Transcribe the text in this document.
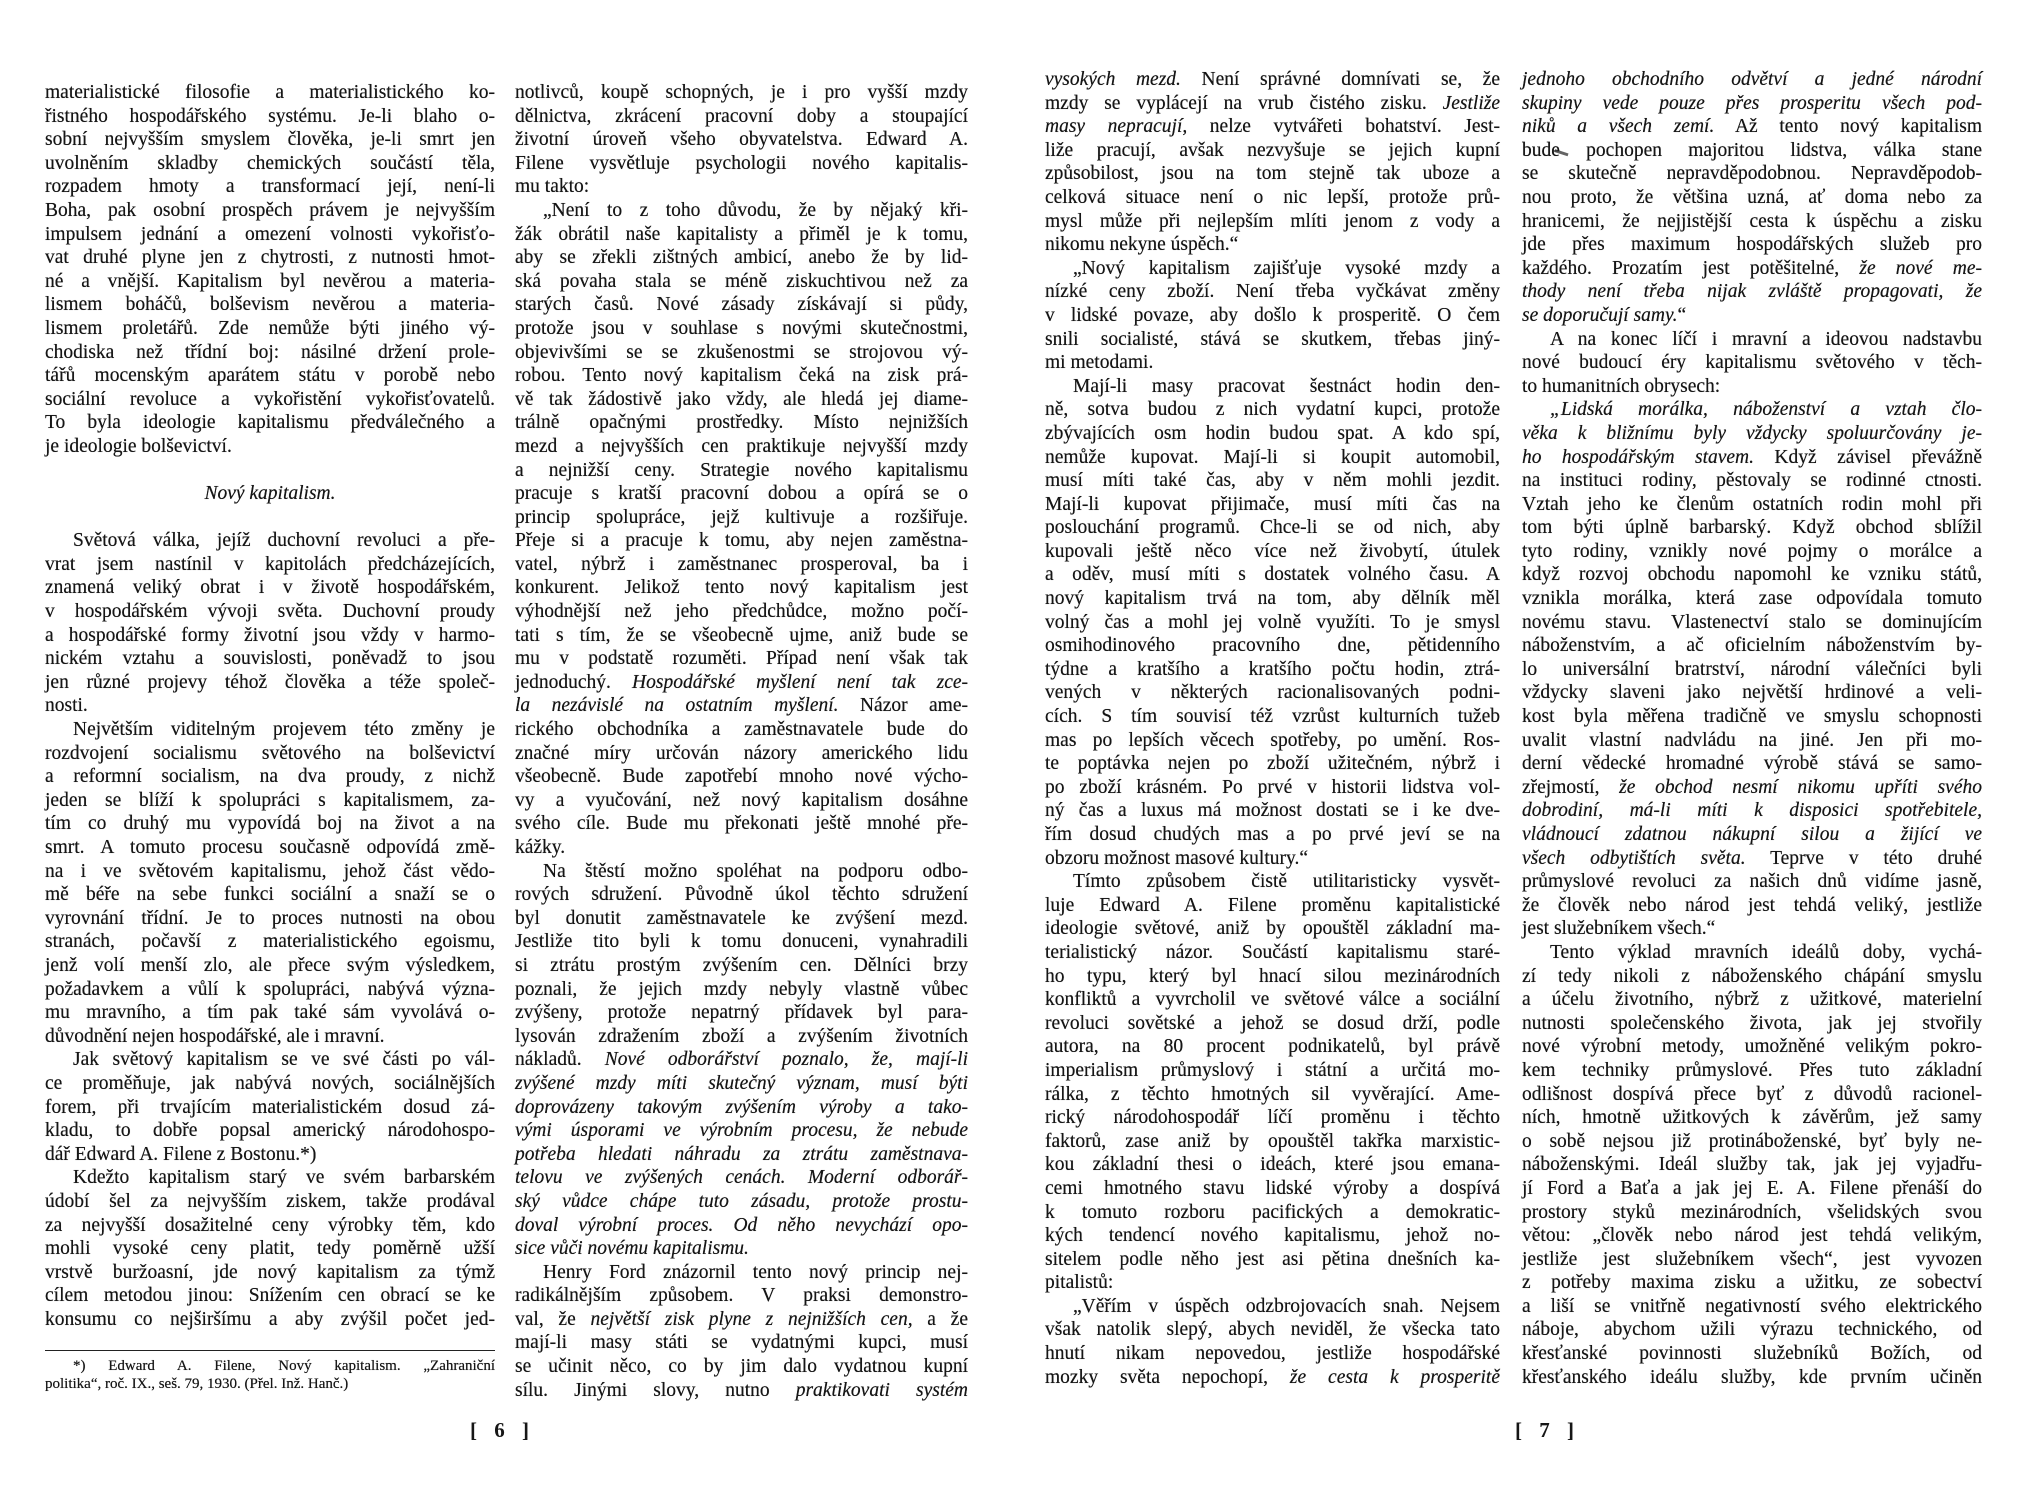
materialistické filosofie a materialistického ko-
řistného hospodářského systému. Je-li blaho o-
sobní nejvyšším smyslem člověka, je-li smrt jen
uvolněním skladby chemických součástí těla,
rozpadem hmoty a transformací její, není-li
Boha, pak osobní prospěch právem je nejvyšším
impulsem jednání a omezení volnosti vykořisťo-
vat druhé plyne jen z chytrosti, z nutnosti hmot-
né a vnější. Kapitalism byl nevěrou a materia-
lismem boháčů, bolševism nevěrou a materia-
lismem proletářů. Zde nemůže býti jiného vý-
chodiska než třídní boj: násilné držení prole-
tářů mocenským aparátem státu v porobě nebo
sociální revoluce a vykořistění vykořisťovatelů.
To byla ideologie kapitalismu předválečného a
je ideologie bolševictví.

Nový kapitalism.

Světová válka, jejíž duchovní revoluci a pře-
vrat jsem nastínil v kapitolách předcházejících,
znamená veliký obrat i v životě hospodářském,
v hospodářském vývoji světa. Duchovní proudy
a hospodářské formy životní jsou vždy v harmo-
nickém vztahu a souvislosti, poněvadž to jsou
jen různé projevy téhož člověka a téže společ-
nosti.
Největším viditelným projevem této změny je
rozdvojení socialismu světového na bolševictví
a reformní socialism, na dva proudy, z nichž
jeden se blíží k spolupráci s kapitalismem, za-
tím co druhý mu vypovídá boj na život a na
smrt. A tomuto procesu současně odpovídá změ-
na i ve světovém kapitalismu, jehož část vědo-
mě béře na sebe funkci sociální a snaží se o
vyrovnání třídní. Je to proces nutnosti na obou
stranách, počavší z materialistického egoismu,
jenž volí menší zlo, ale přece svým výsledkem,
požadavkem a vůlí k spolupráci, nabývá význa-
mu mravního, a tím pak také sám vyvolává o-
důvodnění nejen hospodářské, ale i mravní.
Jak světový kapitalism se ve své části po vál-
ce proměňuje, jak nabývá nových, sociálnějších
forem, při trvajícím materialistickém dosud zá-
kladu, to dobře popsal americký národohospo-
dář Edward A. Filene z Bostonu.*)
Kdežto kapitalism starý ve svém barbarském
údobí šel za nejvyšším ziskem, takže prodával
za nejvyšší dosažitelné ceny výrobky těm, kdo
mohli vysoké ceny platit, tedy poměrně užší
vrstvě buržoasní, jde nový kapitalism za týmž
cílem metodou jinou: Snížením cen obrací se ke
konsumu co nejširšímu a aby zvýšil počet jed-
notlivců, koupě schopných, je i pro vyšší mzdy
dělnictva, zkrácení pracovní doby a stoupající
životní úroveň všeho obyvatelstva. Edward A.
Filene vysvětluje psychologii nového kapitalis-
mu takto:
„Není to z toho důvodu, že by nějaký kři-
žák obrátil naše kapitalisty a přiměl je k tomu,
aby se zřekli zištných ambicí, anebo že by lid-
ská povaha stala se méně ziskuchtivou než za
starých časů. Nové zásady získávají si půdy,
protože jsou v souhlase s novými skutečnostmi,
objevivšími se se zkušenostmi se strojovou vý-
robou. Tento nový kapitalism čeká na zisk prá-
vě tak žádostivě jako vždy, ale hledá jej diame-
trálně opačnými prostředky. Místo nejnižších
mezd a nejvyšších cen praktikuje nejvyšší mzdy
a nejnižší ceny. Strategie nového kapitalismu
pracuje s kratší pracovní dobou a opírá se o
princip spolupráce, jejž kultivuje a rozšiřuje.
Přeje si a pracuje k tomu, aby nejen zaměstna-
vatel, nýbrž i zaměstnanec prosperoval, ba i
konkurent. Jelikož tento nový kapitalism jest
výhodnější než jeho předchůdce, možno počí-
tati s tím, že se všeobecně ujme, aniž bude se
mu v podstatě rozuměti. Případ není však tak
jednoduchý. Hospodářské myšlení není tak zce-
la nezávislé na ostatním myšlení. Názor ame-
rického obchodníka a zaměstnavatele bude do
značné míry určován názory amerického lidu
všeobecně. Bude zapotřebí mnoho nové výcho-
vy a vyučování, než nový kapitalism dosáhne
svého cíle. Bude mu překonati ještě mnohé pře-
kážky.
Na štěstí možno spoléhat na podporu odbo-
rových sdružení. Původně úkol těchto sdružení
byl donutit zaměstnavatele ke zvýšení mezd.
Jestliže tito byli k tomu donuceni, vynahradili
si ztrátu prostým zvýšením cen. Dělníci brzy
poznali, že jejich mzdy nebyly vlastně vůbec
zvýšeny, protože nepatrný přídavek byl para-
lysován zdražením zboží a zvýšením životních
nákladů. Nové odborářství poznalo, že, mají-li
zvýšené mzdy míti skutečný význam, musí býti
doprovázeny takovým zvýšením výroby a tako-
vými úsporami ve výrobním procesu, že nebude
potřeba hledati náhradu za ztrátu zaměstnava-
telovu ve zvýšených cenách. Moderní odborář-
ský vůdce chápe tuto zásadu, protože prostu-
doval výrobní proces. Od něho nevychází opo-
sice vůči novému kapitalismu.
Henry Ford znázornil tento nový princip nej-
radikálnějším způsobem. V praksi demonstro-
val, že největší zisk plyne z nejnižších cen, a že
mají-li masy státi se vydatnými kupci, musí
se učinit něco, co by jim dalo vydatnou kupní
sílu. Jinými slovy, nutno praktikovati systém
vysokých mezd. Není správné domnívati se, že
mzdy se vyplácejí na vrub čistého zisku. Jestliže
masy nepracují, nelze vytvářeti bohatství. Jest-
liže pracují, avšak nezvyšuje se jejich kupní
způsobilost, jsou na tom stejně tak uboze a
celková situace není o nic lepší, protože prů-
mysl může při nejlepším mlíti jenom z vody a
nikomu nekyne úspěch.“
„Nový kapitalism zajišťuje vysoké mzdy a
nízké ceny zboží. Není třeba vyčkávat změny
v lidské povaze, aby došlo k prosperitě. O čem
snili socialisté, stává se skutkem, třebas jiný-
mi metodami.
Mají-li masy pracovat šestnáct hodin den-
ně, sotva budou z nich vydatní kupci, protože
zbývajících osm hodin budou spat. A kdo spí,
nemůže kupovat. Mají-li si koupit automobil,
musí míti také čas, aby v něm mohli jezdit.
Mají-li kupovat přijimače, musí míti čas na
poslouchání programů. Chce-li se od nich, aby
kupovali ještě něco více než živobytí, útulek
a oděv, musí míti s dostatek volného času. A
nový kapitalism trvá na tom, aby dělník měl
volný čas a mohl jej volně využíti. To je smysl
osmihodinového pracovního dne, pětidenního
týdne a kratšího a kratšího počtu hodin, ztrá-
vených v některých racionalisovaných podni-
cích. S tím souvisí též vzrůst kulturních tužeb
mas po lepších věcech spotřeby, po umění. Ros-
te poptávka nejen po zboží užitečném, nýbrž i
po zboží krásném. Po prvé v historii lidstva vol-
ný čas a luxus má možnost dostati se i ke dve-
řím dosud chudých mas a po prvé jeví se na
obzoru možnost masové kultury.“
Tímto způsobem čistě utilitaristicky vysvět-
luje Edward A. Filene proměnu kapitalistické
ideologie světové, aniž by opouštěl základní ma-
terialistický názor. Součástí kapitalismu staré-
ho typu, který byl hnací silou mezinárodních
konfliktů a vyvrcholil ve světové válce a sociální
revoluci sovětské a jehož se dosud drží, podle
autora, na 80 procent podnikatelů, byl právě
imperialism průmyslový i státní a určitá mo-
rálka, z těchto hmotných sil vyvěrající. Ame-
rický národohospodář líčí proměnu i těchto
faktorů, zase aniž by opouštěl takřka marxistic-
kou základní thesi o ideách, které jsou emana-
cemi hmotného stavu lidské výroby a dospívá
k tomuto rozboru pacifických a demokratic-
kých tendencí nového kapitalismu, jehož no-
sitelem podle něho jest asi pětina dnešních ka-
pitalistů:
„Věřím v úspěch odzbrojovacích snah. Nejsem
však natolik slepý, abych neviděl, že všecka tato
hnutí nikam nepovedou, jestliže hospodářské
mozky světa nepochopí, že cesta k prosperitě
jednoho obchodního odvětví a jedné národní
skupiny vede pouze přes prosperitu všech pod-
niků a všech zemí. Až tento nový kapitalism
bude pochopen majoritou lidstva, válka stane
se skutečně nepravděpodobnou. Nepravděpodob-
nou proto, že většina uzná, ať doma nebo za
hranicemi, že nejjistější cesta k úspěchu a zisku
jde přes maximum hospodářských služeb pro
každého. Prozatím jest potěšitelné, že nové me-
thody není třeba nijak zvláště propagovati, že
se doporučují samy.“
A na konec líčí i mravní a ideovou nadstavbu
nové budoucí éry kapitalismu světového v těch-
to humanitních obrysech:
„Lidská morálka, náboženství a vztah člo-
věka k bližnímu byly vždycky spoluurčovány je-
ho hospodářským stavem. Když závisel převážně
na instituci rodiny, pěstovaly se rodinné ctnosti.
Vztah jeho ke členům ostatních rodin mohl při
tom býti úplně barbarský. Když obchod sblížil
tyto rodiny, vznikly nové pojmy o morálce a
když rozvoj obchodu napomohl ke vzniku států,
vznikla morálka, která zase odpovídala tomuto
novému stavu. Vlastenectví stalo se dominujícím
náboženstvím, a ač oficielním náboženstvím by-
lo universální bratrství, národní válečníci byli
vždycky slaveni jako největší hrdinové a veli-
kost byla měřena tradičně ve smyslu schopnosti
uvalit vlastní nadvládu na jiné. Jen při mo-
derní vědecké hromadné výrobě stává se samo-
zřejmostí, že obchod nesmí nikomu upříti svého
dobrodiní, má-li míti k disposici spotřebitele,
vládnoucí zdatnou nákupní silou a žijící ve
všech odbytištích světa. Teprve v této druhé
průmyslové revoluci za našich dnů vidíme jasně,
že člověk nebo národ jest tehdá veliký, jestliže
jest služebníkem všech.“
Tento výklad mravních ideálů doby, vychá-
zí tedy nikoli z náboženského chápání smyslu
a účelu životního, nýbrž z užitkové, materielní
nutnosti společenského života, jak jej stvořily
nové výrobní metody, umožněné velikým pokro-
kem techniky průmyslové. Přes tuto základní
odlišnost dospívá přece byť z důvodů racionel-
ních, hmotně užitkových k závěrům, jež samy
o sobě nejsou již protináboženské, byť byly ne-
náboženskými. Ideál služby tak, jak jej vyjadřu-
jí Ford a Baťa a jak jej E. A. Filene přenáší do
prostory styků mezinárodních, všelidských svou
větou: „člověk nebo národ jest tehdá velikým,
jestliže jest služebníkem všech“, jest vyvozen
z potřeby maxima zisku a užitku, ze sobectví
a liší se vnitřně negativností svého elektrického
náboje, abychom užili výrazu technického, od
křesťanské povinnosti služebníků Božích, od
křesťanského ideálu služby, kde prvním učiněn
*) Edward A. Filene, Nový kapitalism. „Zahraniční
politika“, roč. IX., seš. 79, 1930. (Přel. Inž. Hanč.)
[ 6 ]	[ 7 ]
